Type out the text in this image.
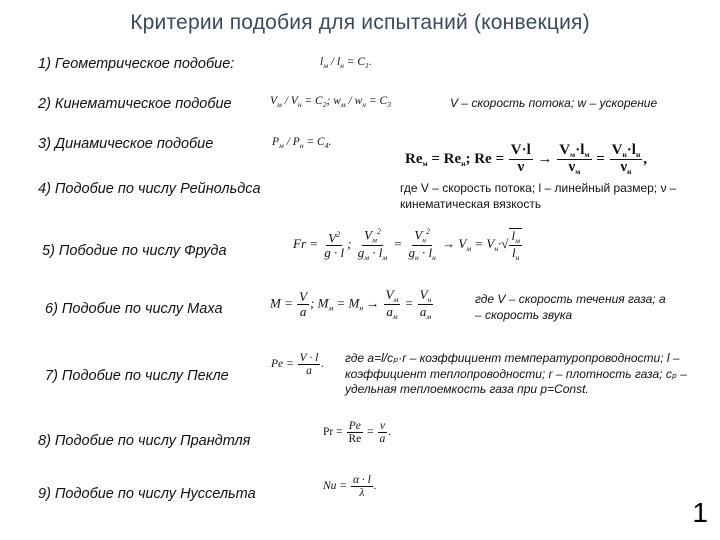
Критерии подобия для испытаний (конвекция)
1) Геометрическое подобие:	$l_м / l_н = C_1$.
2) Кинематическое подобие	$V_м / V_н = C_2$; $w_м / w_н = C_3$	V – скорость потока; w – ускорение
3) Динамическое подобие	$P_м / P_н = C_4$.
$Re_м = Re_н$; $Re = \frac{V\cdot l}{\nu} \to \frac{V_м\cdot l_м}{\nu_м} = \frac{V_н\cdot l_н}{\nu_н}$ ,
4) Подобие по числу Рейнольдса	где V – скорость потока; l – линейный размер; ν – кинематическая вязкость
5) Пободие по числу Фруда	$Fr = \frac{V^2}{g \cdot l}$ ; $\frac{V_м^2}{g_м \cdot l_м} = \frac{V_н^2}{g_н \cdot l_н} \to V_м = V_н\cdot√ \frac{l_м}{l_н}$
6) Подобие по числу Маха	$M = \frac{V}{a}$ ; $M_м = M_н \to \frac{V_м}{a_м} = \frac{V_н}{a_м}$	где V – скорость течения газа; a – скорость звука
7) Подобие по числу Пекле
$Pe = \frac{V \cdot l}{a}$ . где a=l/cₚ·r – коэффициент температуропроводности; l – коэффициент теплопроводности; r – плотность газа; cₚ – удельная теплоемкость газа при p=Const.
8) Подобие по числу Прандтля
$Pr = \frac{Pe}{Re} = \frac{\nu}{a}$ .
9) Подобие по числу Нуссельта	$Nu = \frac{\alpha \cdot l}{\lambda}$ .
1
